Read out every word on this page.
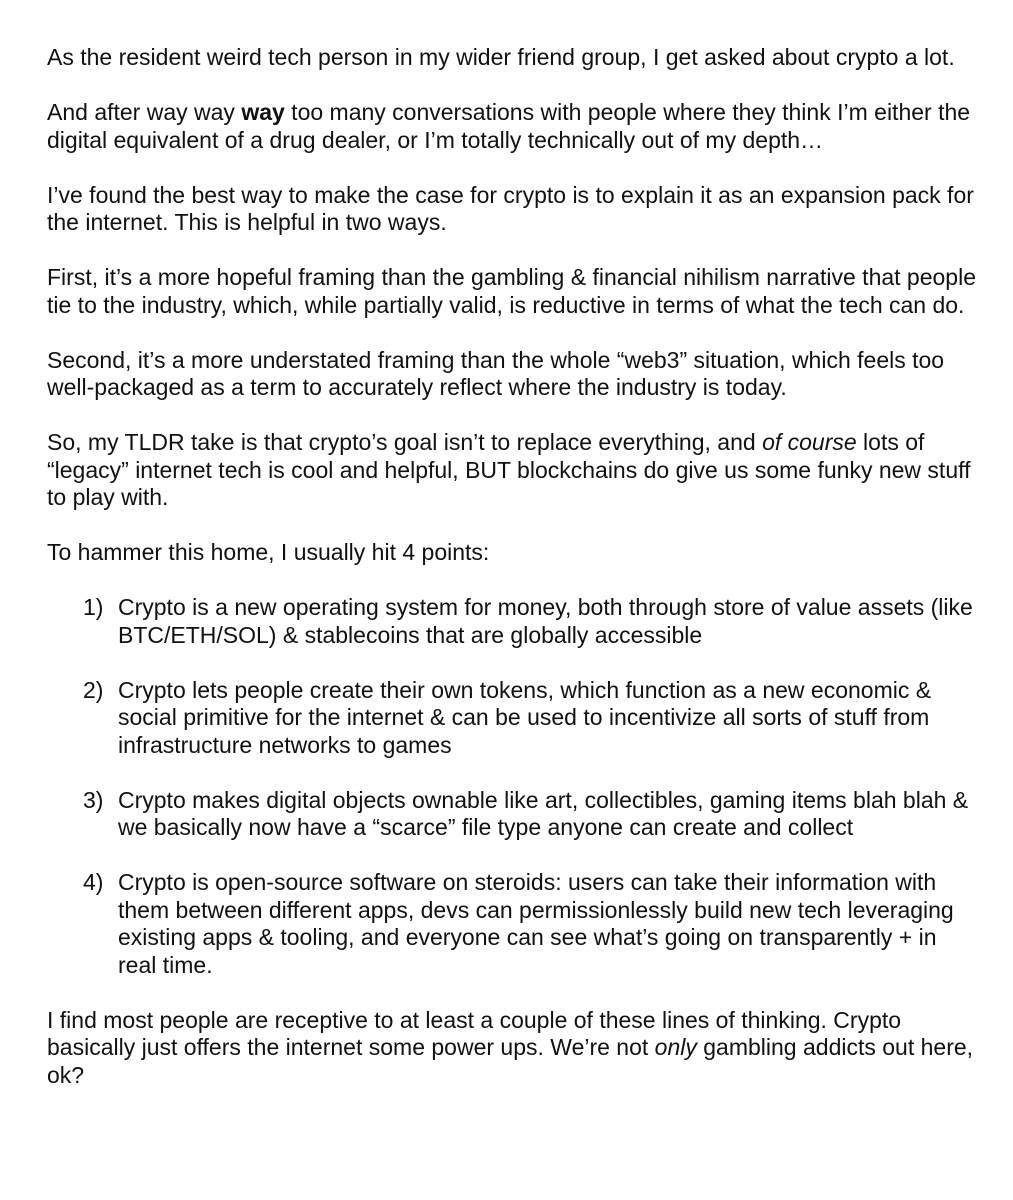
As the resident weird tech person in my wider friend group, I get asked about crypto a lot.

And after way way way too many conversations with people where they think I’m either the digital equivalent of a drug dealer, or I’m totally technically out of my depth…

I’ve found the best way to make the case for crypto is to explain it as an expansion pack for the internet. This is helpful in two ways.

First, it’s a more hopeful framing than the gambling & financial nihilism narrative that people tie to the industry, which, while partially valid, is reductive in terms of what the tech can do.

Second, it’s a more understated framing than the whole “web3” situation, which feels too well-packaged as a term to accurately reflect where the industry is today.

So, my TLDR take is that crypto’s goal isn’t to replace everything, and of course lots of “legacy” internet tech is cool and helpful, BUT blockchains do give us some funky new stuff to play with.

To hammer this home, I usually hit 4 points:

1) Crypto is a new operating system for money, both through store of value assets (like BTC/ETH/SOL) & stablecoins that are globally accessible
2) Crypto lets people create their own tokens, which function as a new economic & social primitive for the internet & can be used to incentivize all sorts of stuff from infrastructure networks to games
3) Crypto makes digital objects ownable like art, collectibles, gaming items blah blah & we basically now have a “scarce” file type anyone can create and collect
4) Crypto is open-source software on steroids: users can take their information with them between different apps, devs can permissionlessly build new tech leveraging existing apps & tooling, and everyone can see what’s going on transparently + in real time.

I find most people are receptive to at least a couple of these lines of thinking. Crypto basically just offers the internet some power ups. We’re not only gambling addicts out here, ok?
